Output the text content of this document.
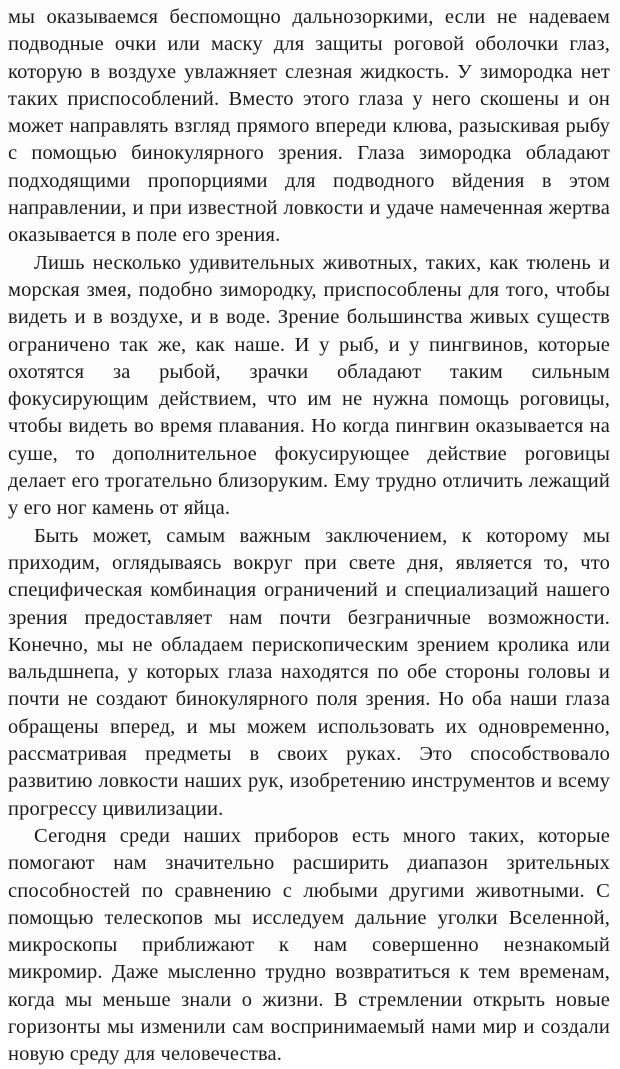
мы оказываемся беспомощно дальнозоркими, если не надеваем подводные очки или маску для защиты роговой оболочки глаз, которую в воздухе увлажняет слезная жидкость. У зимородка нет таких приспособлений. Вместо этого глаза у него скошены и он может направлять взгляд прямого впереди клюва, разыскивая рыбу с помощью бинокулярного зрения. Глаза зимородка обладают подходящими пропорциями для подводного вйдения в этом направлении, и при известной ловкости и удаче намеченная жертва оказывается в поле его зрения.

Лишь несколько удивительных животных, таких, как тюлень и морская змея, подобно зимородку, приспособлены для того, чтобы видеть и в воздухе, и в воде. Зрение большинства живых существ ограничено так же, как наше. И у рыб, и у пингвинов, которые охотятся за рыбой, зрачки обладают таким сильным фокусирующим действием, что им не нужна помощь роговицы, чтобы видеть во время плавания. Но когда пингвин оказывается на суше, то дополнительное фокусирующее действие роговицы делает его трогательно близоруким. Ему трудно отличить лежащий у его ног камень от яйца.

Быть может, самым важным заключением, к которому мы приходим, оглядываясь вокруг при свете дня, является то, что специфическая комбинация ограничений и специализаций нашего зрения предоставляет нам почти безграничные возможности. Конечно, мы не обладаем перископическим зрением кролика или вальдшнепа, у которых глаза находятся по обе стороны головы и почти не создают бинокулярного поля зрения. Но оба наши глаза обращены вперед, и мы можем использовать их одновременно, рассматривая предметы в своих руках. Это способствовало развитию ловкости наших рук, изобретению инструментов и всему прогрессу цивилизации.

Сегодня среди наших приборов есть много таких, которые помогают нам значительно расширить диапазон зрительных способностей по сравнению с любыми другими животными. С помощью телескопов мы исследуем дальние уголки Вселенной, микроскопы приближают к нам совершенно незнакомый микромир. Даже мысленно трудно возвратиться к тем временам, когда мы меньше знали о жизни. В стремлении открыть новые горизонты мы изменили сам воспринимаемый нами мир и создали новую среду для человечества.
